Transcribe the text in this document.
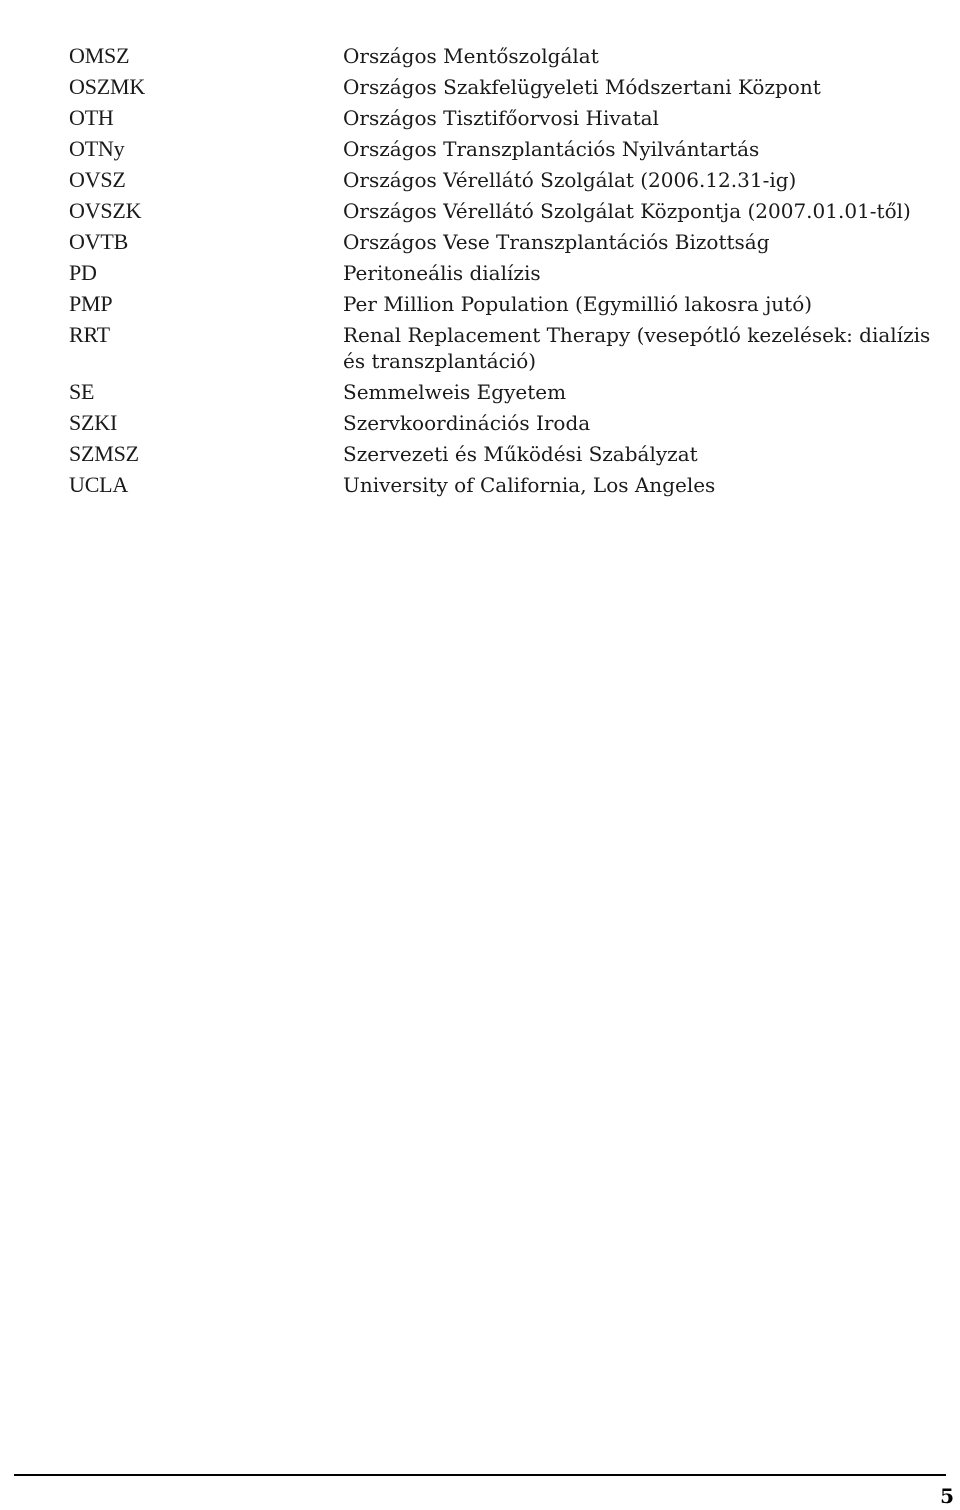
OMSZ	Országos Mentőszolgálat
OSZMK	Országos Szakfelügyeleti Módszertani Központ
OTH	Országos Tisztifőorvosi Hivatal
OTNy	Országos Transzplantációs Nyilvántartás
OVSZ	Országos Vérellátó Szolgálat (2006.12.31-ig)
OVSZK	Országos Vérellátó Szolgálat Központja (2007.01.01-től)
OVTB	Országos Vese Transzplantációs Bizottság
PD	Peritoneális dialízis
PMP	Per Million Population (Egymillió lakosra jutó)
RRT	Renal Replacement Therapy (vesepótló kezelések: dialízis és transzplantáció)
SE	Semmelweis Egyetem
SZKI	Szervkoordinációs Iroda
SZMSZ	Szervezeti és Működési Szabályzat
UCLA	University of California, Los Angeles
5
